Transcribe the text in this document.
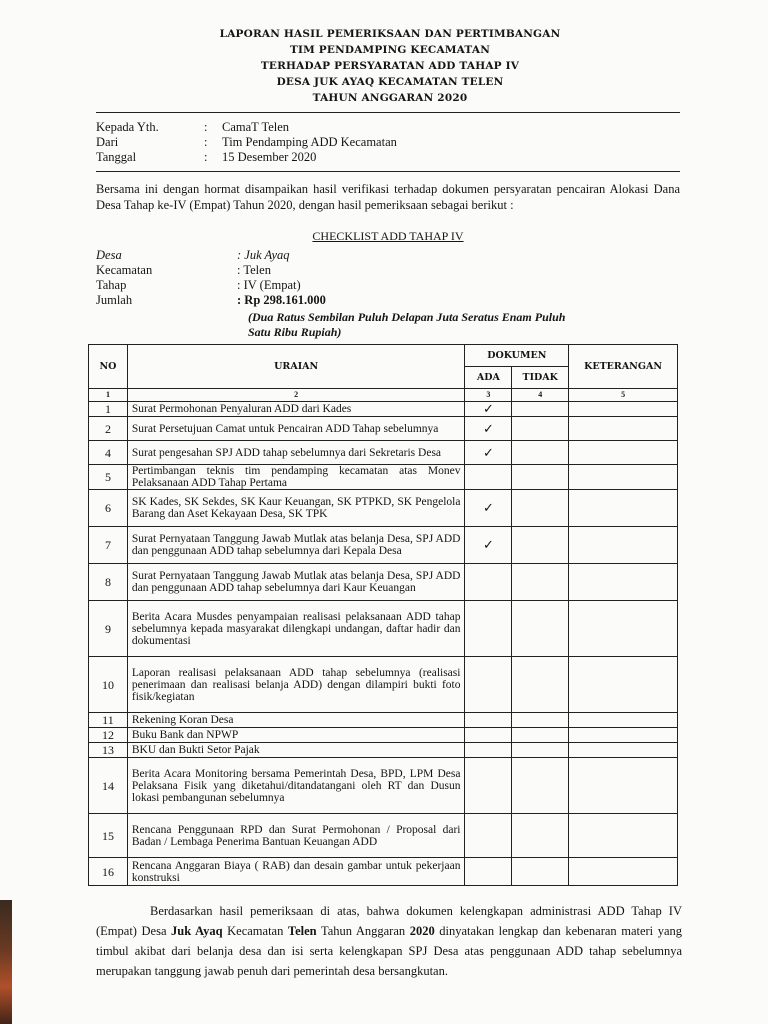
LAPORAN HASIL PEMERIKSAAN DAN PERTIMBANGAN
TIM PENDAMPING KECAMATAN
TERHADAP PERSYARATAN ADD TAHAP IV
DESA JUK AYAQ KECAMATAN TELEN
TAHUN ANGGARAN 2020
Kepada Yth.	: CamaT Telen
Dari	: Tim Pendamping ADD Kecamatan
Tanggal	: 15 Desember 2020
Bersama ini dengan hormat disampaikan hasil verifikasi terhadap dokumen persyaratan pencairan Alokasi Dana Desa Tahap ke-IV (Empat) Tahun 2020, dengan hasil pemeriksaan sebagai berikut :
CHECKLIST ADD TAHAP IV
Desa	: Juk Ayaq
Kecamatan	: Telen
Tahap	: IV (Empat)
Jumlah	: Rp 298.161.000
(Dua Ratus Sembilan Puluh Delapan Juta Seratus Enam Puluh
Satu Ribu Rupiah)
NO	URAIAN	DOKUMEN		KETERANGAN
		ADA	TIDAK	
1	2	3	4	5
1	Surat Permohonan Penyaluran ADD dari Kades	✓		
2	Surat Persetujuan Camat untuk Pencairan ADD Tahap sebelumnya	✓		
4	Surat pengesahan SPJ ADD tahap sebelumnya dari Sekretaris Desa	✓		
5	Pertimbangan teknis tim pendamping kecamatan atas Monev Pelaksanaan ADD Tahap Pertama			
6	SK Kades, SK Sekdes, SK Kaur Keuangan, SK PTPKD, SK Pengelola Barang dan Aset Kekayaan Desa, SK TPK	✓		
7	Surat Pernyataan Tanggung Jawab Mutlak atas belanja Desa, SPJ ADD dan penggunaan ADD tahap sebelumnya dari Kepala Desa	✓		
8	Surat Pernyataan Tanggung Jawab Mutlak atas belanja Desa, SPJ ADD dan penggunaan ADD tahap sebelumnya dari Kaur Keuangan			
9	Berita Acara Musdes penyampaian realisasi pelaksanaan ADD tahap sebelumnya kepada masyarakat dilengkapi undangan, daftar hadir dan dokumentasi			
10	Laporan realisasi pelaksanaan ADD tahap sebelumnya (realisasi penerimaan dan realisasi belanja ADD) dengan dilampiri bukti foto fisik/kegiatan			
11	Rekening Koran Desa			
12	Buku Bank dan NPWP			
13	BKU dan Bukti Setor Pajak			
14	Berita Acara Monitoring bersama Pemerintah Desa, BPD, LPM Desa Pelaksana Fisik yang diketahui/ditandatangani oleh RT dan Dusun lokasi pembangunan sebelumnya			
15	Rencana Penggunaan RPD dan Surat Permohonan / Proposal dari Badan / Lembaga Penerima Bantuan Keuangan ADD			
16	Rencana Anggaran Biaya ( RAB) dan desain gambar untuk pekerjaan konstruksi			
Berdasarkan hasil pemeriksaan di atas, bahwa dokumen kelengkapan administrasi ADD Tahap IV (Empat) Desa Juk Ayaq Kecamatan Telen Tahun Anggaran 2020 dinyatakan lengkap dan kebenaran materi yang timbul akibat dari belanja desa dan isi serta kelengkapan SPJ Desa atas penggunaan ADD tahap sebelumnya merupakan tanggung jawab penuh dari pemerintah desa bersangkutan.
